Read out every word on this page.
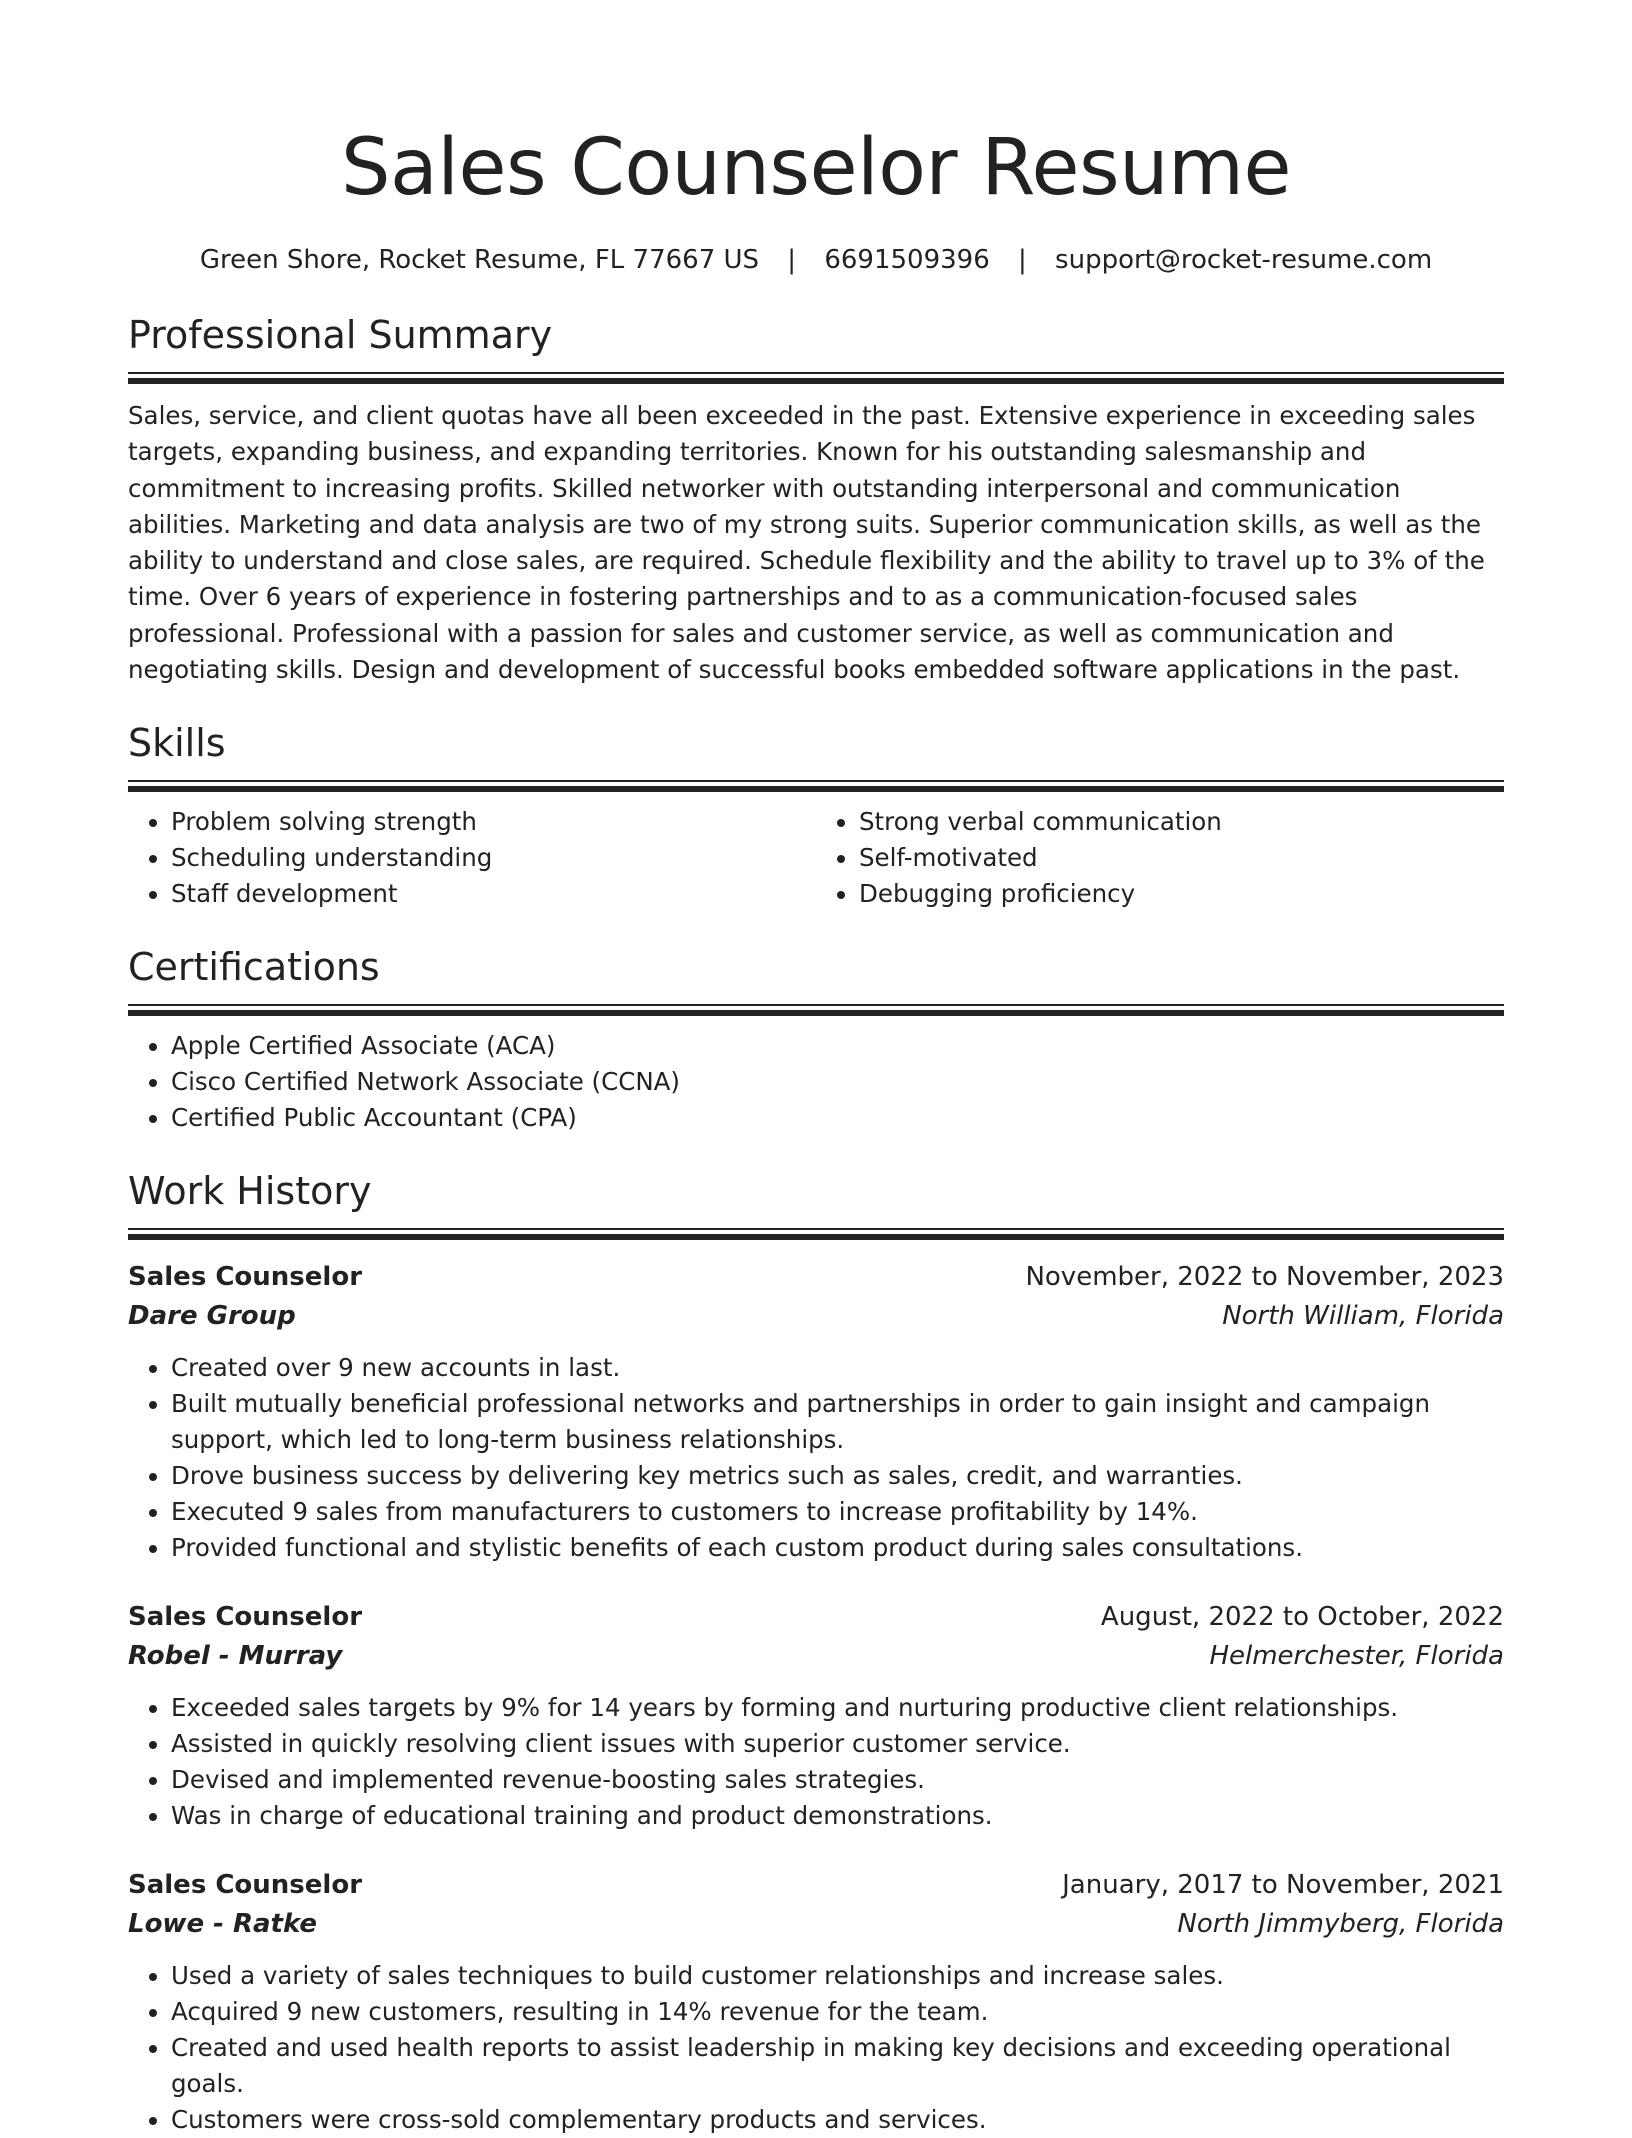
Sales Counselor Resume
Green Shore, Rocket Resume, FL 77667 US | 6691509396 | support@rocket-resume.com
Professional Summary

Sales, service, and client quotas have all been exceeded in the past. Extensive experience in exceeding sales targets, expanding business, and expanding territories. Known for his outstanding salesmanship and commitment to increasing profits. Skilled networker with outstanding interpersonal and communication abilities. Marketing and data analysis are two of my strong suits. Superior communication skills, as well as the ability to understand and close sales, are required. Schedule flexibility and the ability to travel up to 3% of the time. Over 6 years of experience in fostering partnerships and to as a communication-focused sales professional. Professional with a passion for sales and customer service, as well as communication and negotiating skills. Design and development of successful books embedded software applications in the past.

Skills
• Problem solving strength
• Scheduling understanding
• Staff development
• Strong verbal communication
• Self-motivated
• Debugging proficiency
Certifications
• Apple Certified Associate (ACA)
• Cisco Certified Network Associate (CCNA)
• Certified Public Accountant (CPA)
Work History
Sales Counselor	November, 2022 to November, 2023
Dare Group	North William, Florida
• Created over 9 new accounts in last.
• Built mutually beneficial professional networks and partnerships in order to gain insight and campaign support, which led to long-term business relationships.
• Drove business success by delivering key metrics such as sales, credit, and warranties.
• Executed 9 sales from manufacturers to customers to increase profitability by 14%.
• Provided functional and stylistic benefits of each custom product during sales consultations.
Sales Counselor	August, 2022 to October, 2022
Robel - Murray	Helmerchester, Florida
• Exceeded sales targets by 9% for 14 years by forming and nurturing productive client relationships.
• Assisted in quickly resolving client issues with superior customer service.
• Devised and implemented revenue-boosting sales strategies.
• Was in charge of educational training and product demonstrations.
Sales Counselor	January, 2017 to November, 2021
Lowe - Ratke	North Jimmyberg, Florida
• Used a variety of sales techniques to build customer relationships and increase sales.
• Acquired 9 new customers, resulting in 14% revenue for the team.
• Created and used health reports to assist leadership in making key decisions and exceeding operational goals.
• Customers were cross-sold complementary products and services.
